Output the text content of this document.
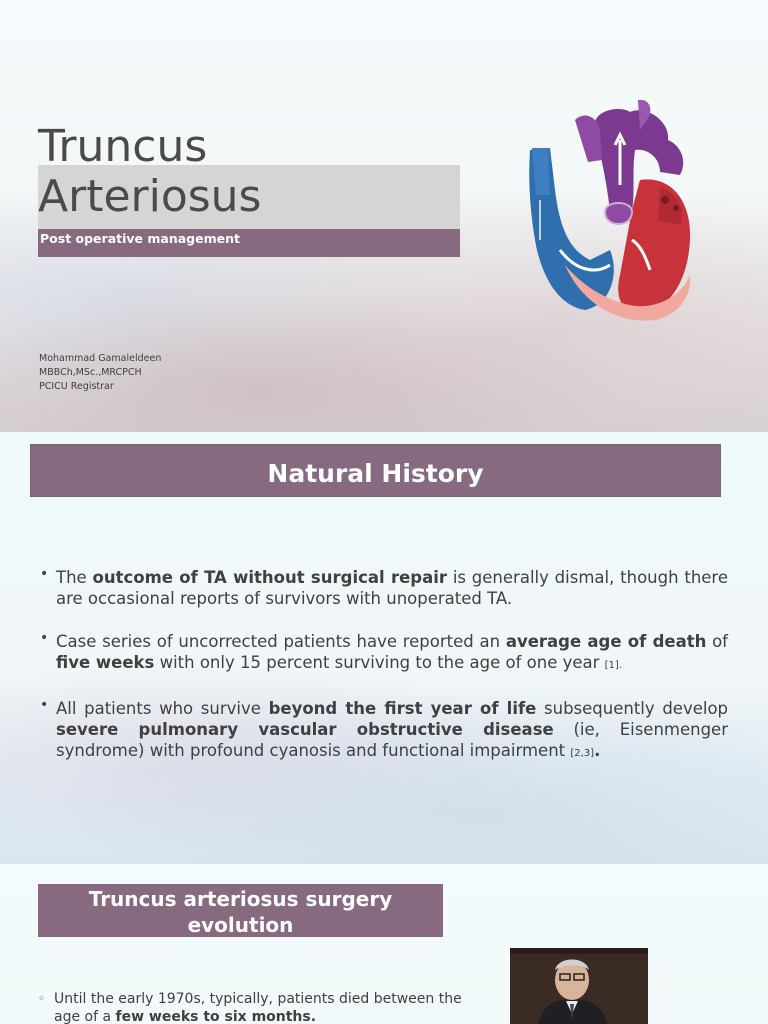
Truncus
Arteriosus
Post operative management
Mohammad Gamaleldeen
MBBCh,MSc.,MRCPCH
PCICU Registrar
Natural History
• The outcome of TA without surgical repair is generally dismal, though there are occasional reports of survivors with unoperated TA.
• Case series of uncorrected patients have reported an average age of death of five weeks with only 15 percent surviving to the age of one year [1].
• All patients who survive beyond the first year of life subsequently develop severe pulmonary vascular obstructive disease (ie, Eisenmenger syndrome) with profound cyanosis and functional impairment [2,3].
Truncus arteriosus surgery
evolution
◦ Until the early 1970s, typically, patients died between the age of a few weeks to six months.
